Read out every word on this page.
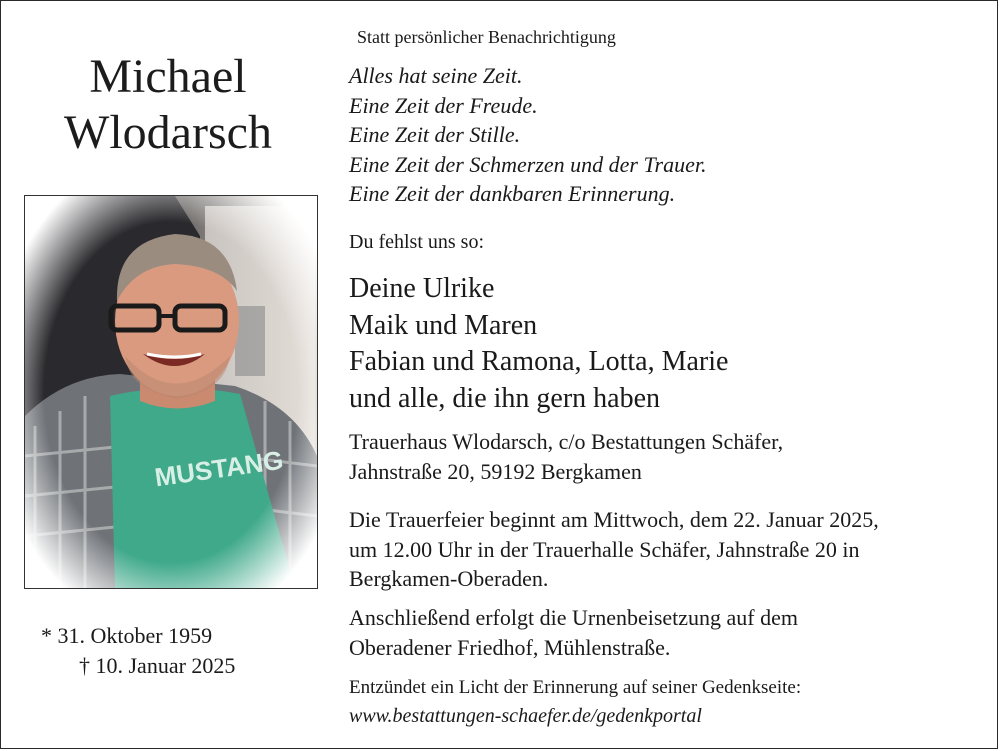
Michael
Wlodarsch
* 31. Oktober 1959
† 10. Januar 2025
Statt persönlicher Benachrichtigung
Alles hat seine Zeit.
Eine Zeit der Freude.
Eine Zeit der Stille.
Eine Zeit der Schmerzen und der Trauer.
Eine Zeit der dankbaren Erinnerung.
Du fehlst uns so:
Deine Ulrike
Maik und Maren
Fabian und Ramona, Lotta, Marie
und alle, die ihn gern haben
Trauerhaus Wlodarsch, c/o Bestattungen Schäfer,
Jahnstraße 20, 59192 Bergkamen
Die Trauerfeier beginnt am Mittwoch, dem 22. Januar 2025,
um 12.00 Uhr in der Trauerhalle Schäfer, Jahnstraße 20 in
Bergkamen-Oberaden.
Anschließend erfolgt die Urnenbeisetzung auf dem
Oberadener Friedhof, Mühlenstraße.
Entzündet ein Licht der Erinnerung auf seiner Gedenkseite:
www.bestattungen-schaefer.de/gedenkportal
